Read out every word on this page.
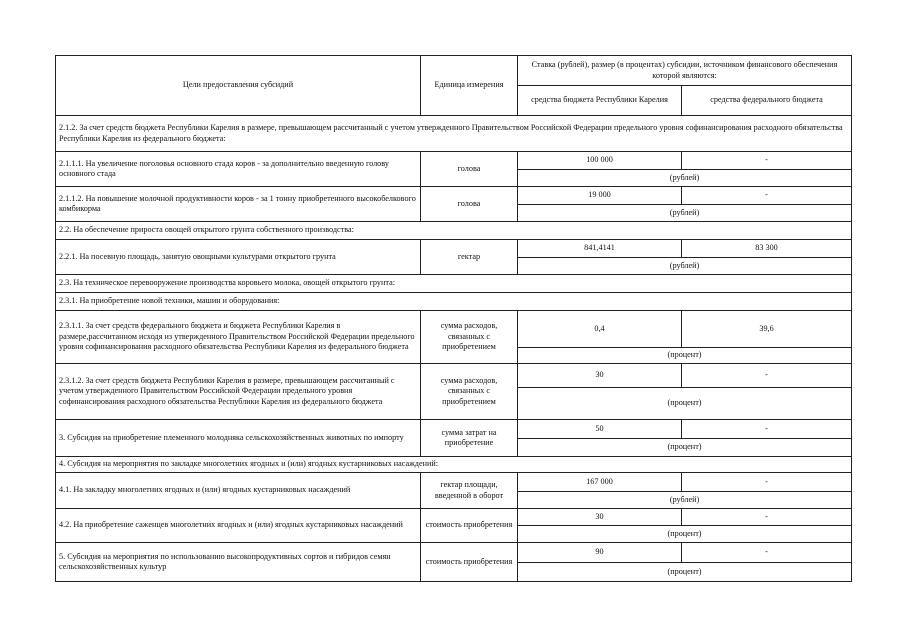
Цели предоставления субсидий	Единица измерения	Ставка (рублей), размер (в процентах) субсидии, источником финансового обеспечения которой являются:	
		средства бюджета Республики Карелия	средства федерального бюджета
2.1.2. За счет средств бюджета Республики Карелия в размере, превышающем рассчитанный с учетом утвержденного Правительством Российской Федерации предельного уровня софинансирования расходного обязательства Республики Карелия из федерального бюджета:			
2.1.1.1. На увеличение поголовья основного стада коров - за дополнительно введенную голову основного стада	голова	100 000	-
		(рублей)	
2.1.1.2. На повышение молочной продуктивности коров - за 1 тонну приобретенного высокобелкового комбикорма	голова	19 000	-
		(рублей)	
2.2. На обеспечение прироста овощей открытого грунта собственного производства:			
2.2.1. На посевную площадь, занятую овощными культурами открытого грунта	гектар	841,4141	83 300
		(рублей)	
2.3. На техническое перевооружение производства коровьего молока, овощей открытого грунта:			
2.3.1. На приобретение новой техники, машин и оборудования:			
2.3.1.1. За счет средств федерального бюджета и бюджета Республики Карелия в размере,рассчитанном исходя из утвержденного Правительством Российской Федерации предельного уровня софинансирования расходного обязательства Республики Карелия из федерального бюджета	сумма расходов, связанных с приобретением	0,4	39,6
		(процент)	
2.3.1.2. За счет средств бюджета Республики Карелия в размере, превышающем рассчитанный с учетом утвержденного Правительством Российской Федерации предельного уровня софинансирования расходного обязательства Республики Карелия из федерального бюджета	сумма расходов, связанных с приобретением	30	-
		(процент)	
3. Субсидия на приобретение племенного молодняка сельскохозяйственных животных по импорту	сумма затрат на приобретение	50	-
		(процент)	
4. Субсидия на мероприятия по закладке многолетних ягодных и (или) ягодных кустарниковых насаждений:			
4.1. На закладку многолетних ягодных и (или) ягодных кустарниковых насаждений	гектар площади, введенной в оборот	167 000	-
		(рублей)	
4.2. На приобретение саженцев многолетних ягодных и (или) ягодных кустарниковых насаждений	стоимость приобретения	30	-
		(процент)	
5. Субсидия на мероприятия по использованию высокопродуктивных сортов и гибридов семян сельскохозяйственных культур	стоимость приобретения	90	-
		(процент)	
